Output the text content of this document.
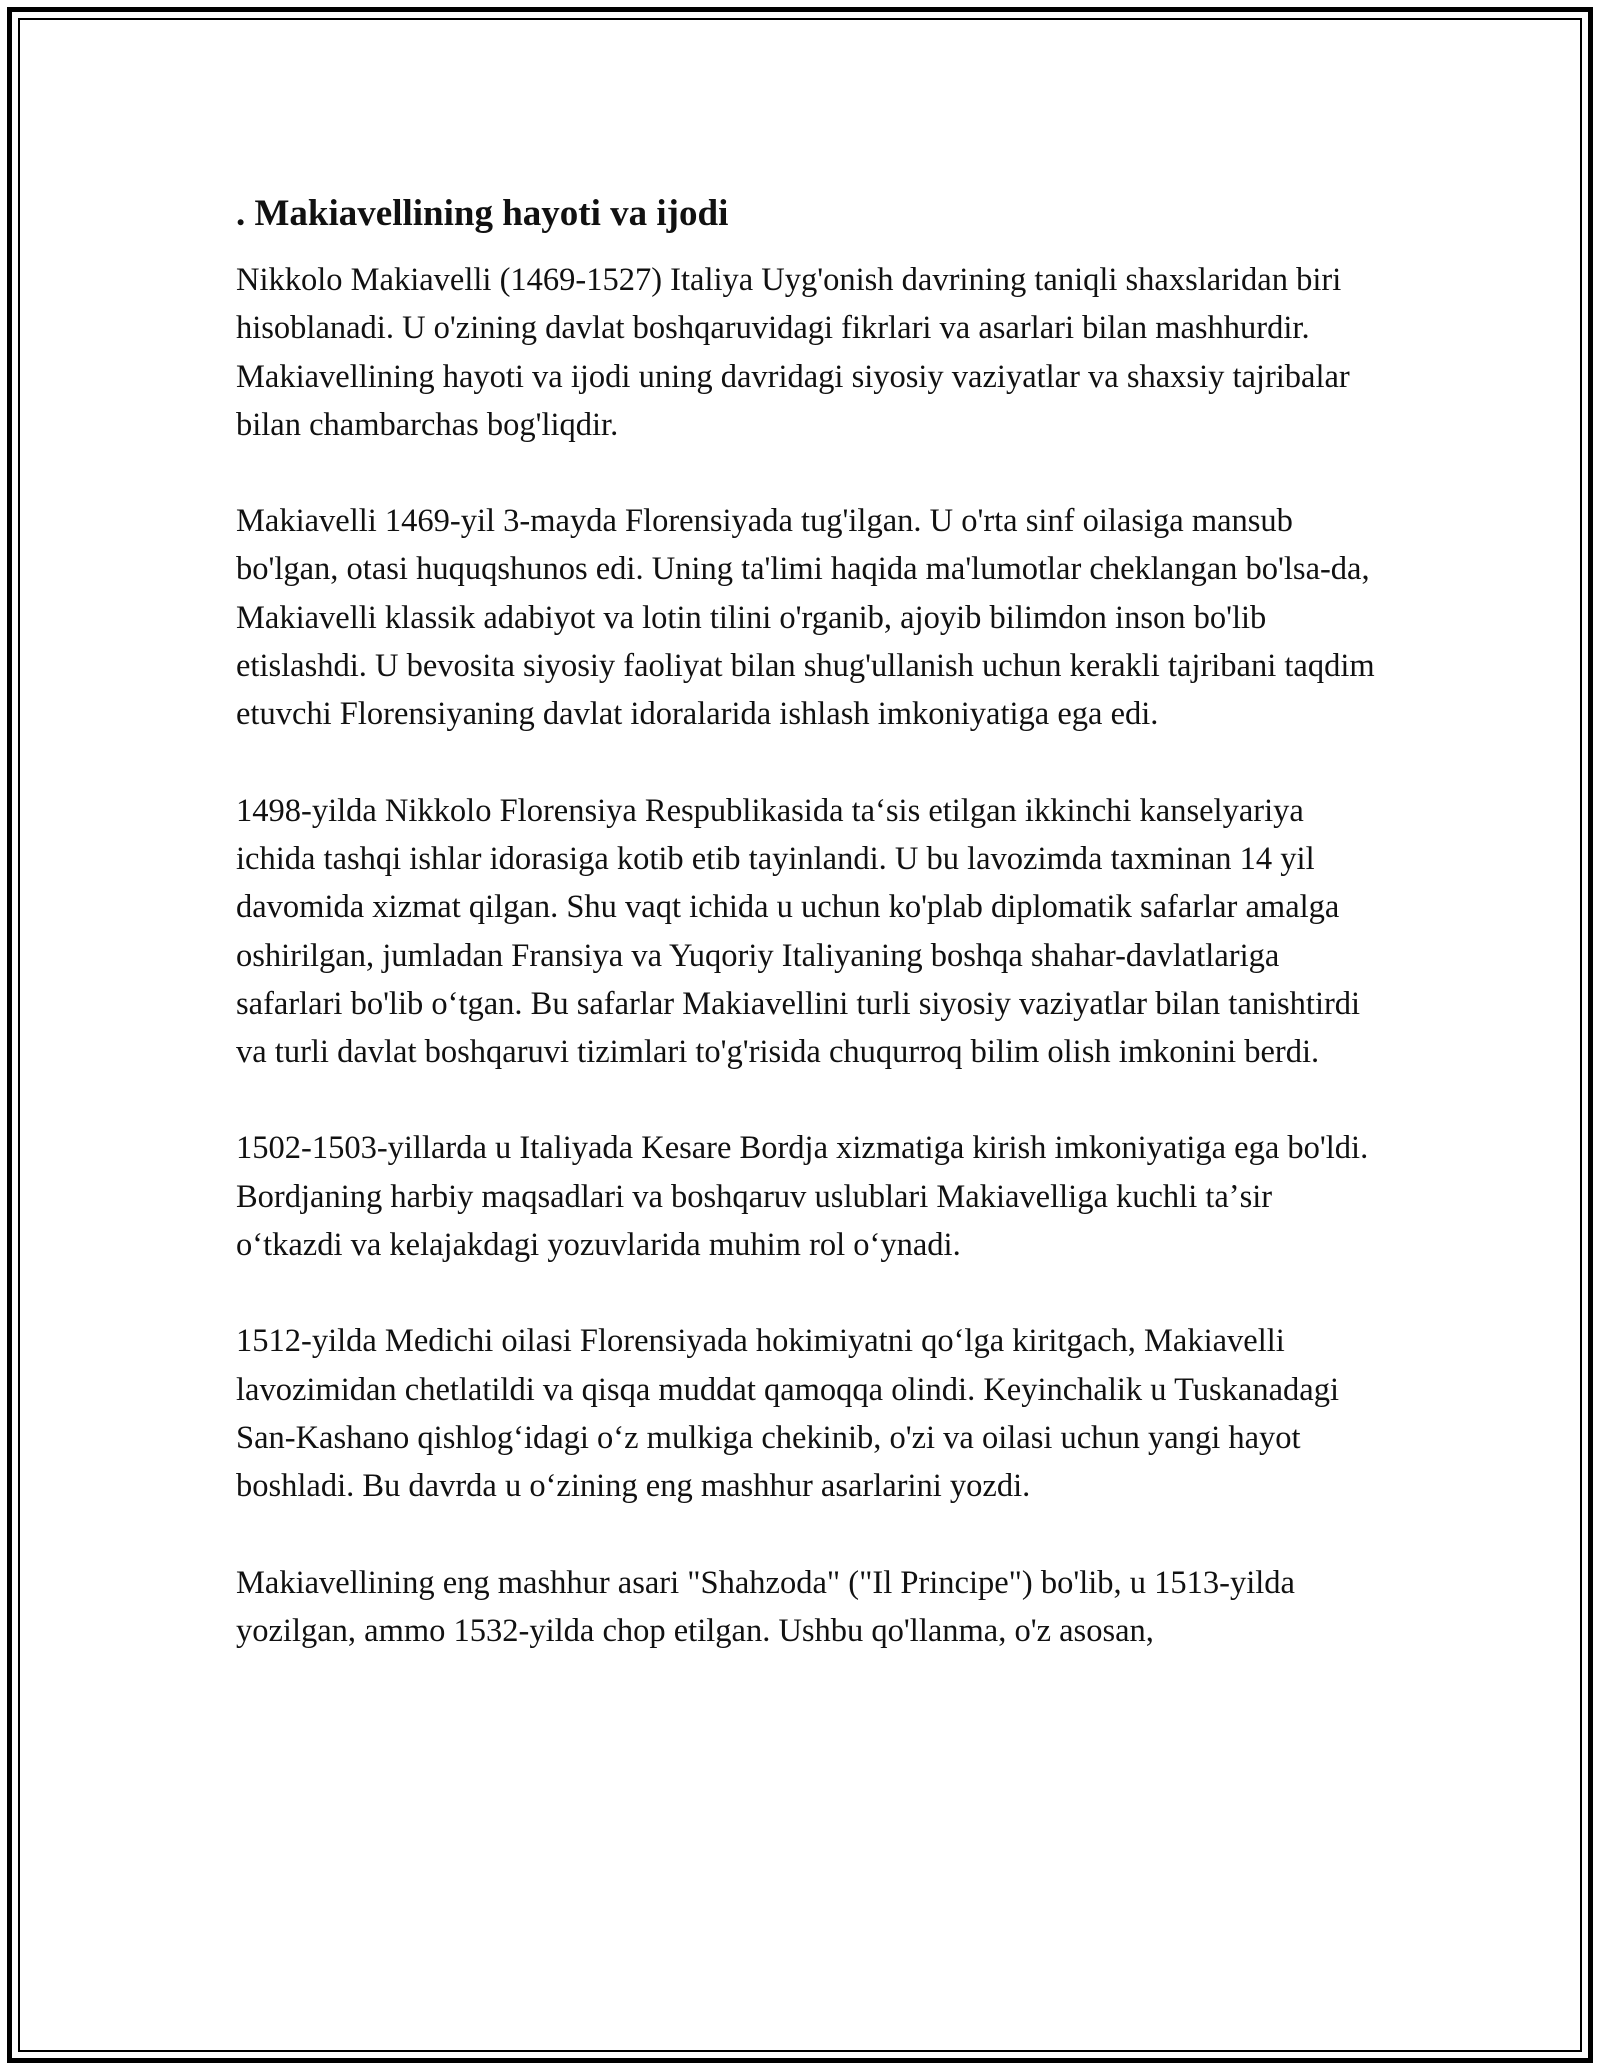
. Makiavellining hayoti va ijodi

Nikkolo Makiavelli (1469-1527) Italiya Uyg'onish davrining taniqli shaxslaridan biri hisoblanadi. U o'zining davlat boshqaruvidagi fikrlari va asarlari bilan mashhurdir. Makiavellining hayoti va ijodi uning davridagi siyosiy vaziyatlar va shaxsiy tajribalar bilan chambarchas bog'liqdir.

Makiavelli 1469-yil 3-mayda Florensiyada tug'ilgan. U o'rta sinf oilasiga mansub bo'lgan, otasi huquqshunos edi. Uning ta'limi haqida ma'lumotlar cheklangan bo'lsa-da, Makiavelli klassik adabiyot va lotin tilini o'rganib, ajoyib bilimdon inson bo'lib etislashdi. U bevosita siyosiy faoliyat bilan shug'ullanish uchun kerakli tajribani taqdim etuvchi Florensiyaning davlat idoralarida ishlash imkoniyatiga ega edi.

1498-yilda Nikkolo Florensiya Respublikasida taʻsis etilgan ikkinchi kanselyariya ichida tashqi ishlar idorasiga kotib etib tayinlandi. U bu lavozimda taxminan 14 yil davomida xizmat qilgan. Shu vaqt ichida u uchun ko'plab diplomatik safarlar amalga oshirilgan, jumladan Fransiya va Yuqoriy Italiyaning boshqa shahar-davlatlariga safarlari bo'lib oʻtgan. Bu safarlar Makiavellini turli siyosiy vaziyatlar bilan tanishtirdi va turli davlat boshqaruvi tizimlari to'g'risida chuqurroq bilim olish imkonini berdi.

1502-1503-yillarda u Italiyada Kesare Bordja xizmatiga kirish imkoniyatiga ega bo'ldi. Bordjaning harbiy maqsadlari va boshqaruv uslublari Makiavelliga kuchli taʼsir oʻtkazdi va kelajakdagi yozuvlarida muhim rol oʻynadi.

1512-yilda Medichi oilasi Florensiyada hokimiyatni qoʻlga kiritgach, Makiavelli lavozimidan chetlatildi va qisqa muddat qamoqqa olindi. Keyinchalik u Tuskanadagi San-Kashano qishlogʻidagi oʻz mulkiga chekinib, o'zi va oilasi uchun yangi hayot boshladi. Bu davrda u oʻzining eng mashhur asarlarini yozdi.

Makiavellining eng mashhur asari "Shahzoda" ("Il Principe") bo'lib, u 1513-yilda yozilgan, ammo 1532-yilda chop etilgan. Ushbu qo'llanma, o'z asosan,
